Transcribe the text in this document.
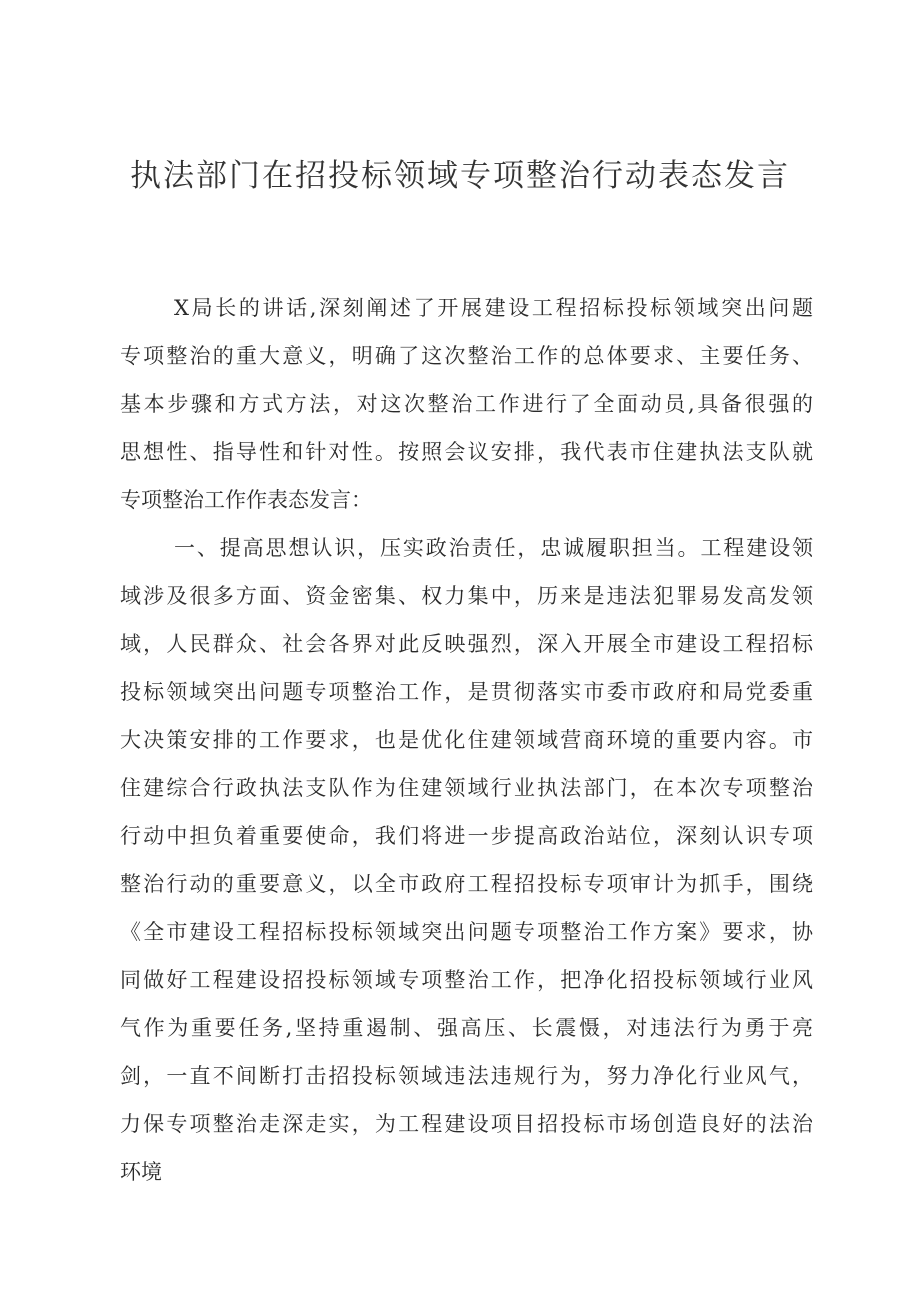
执法部门在招投标领域专项整治行动表态发言
X局长的讲话,深刻阐述了开展建设工程招标投标领域突出问题
专项整治的重大意义，明确了这次整治工作的总体要求、主要任务、
基本步骤和方式方法，对这次整治工作进行了全面动员,具备很强的
思想性、指导性和针对性。按照会议安排，我代表市住建执法支队就
专项整治工作作表态发言：
一、提高思想认识，压实政治责任，忠诚履职担当。工程建设领
域涉及很多方面、资金密集、权力集中，历来是违法犯罪易发高发领
域，人民群众、社会各界对此反映强烈，深入开展全市建设工程招标
投标领域突出问题专项整治工作，是贯彻落实市委市政府和局党委重
大决策安排的工作要求，也是优化住建领域营商环境的重要内容。市
住建综合行政执法支队作为住建领域行业执法部门，在本次专项整治
行动中担负着重要使命，我们将进一步提高政治站位，深刻认识专项
整治行动的重要意义，以全市政府工程招投标专项审计为抓手，围绕
《全市建设工程招标投标领域突出问题专项整治工作方案》要求，协
同做好工程建设招投标领域专项整治工作，把净化招投标领域行业风
气作为重要任务,坚持重遏制、强高压、长震慑，对违法行为勇于亮
剑，一直不间断打击招投标领域违法违规行为，努力净化行业风气，
力保专项整治走深走实，为工程建设项目招投标市场创造良好的法治
环境
